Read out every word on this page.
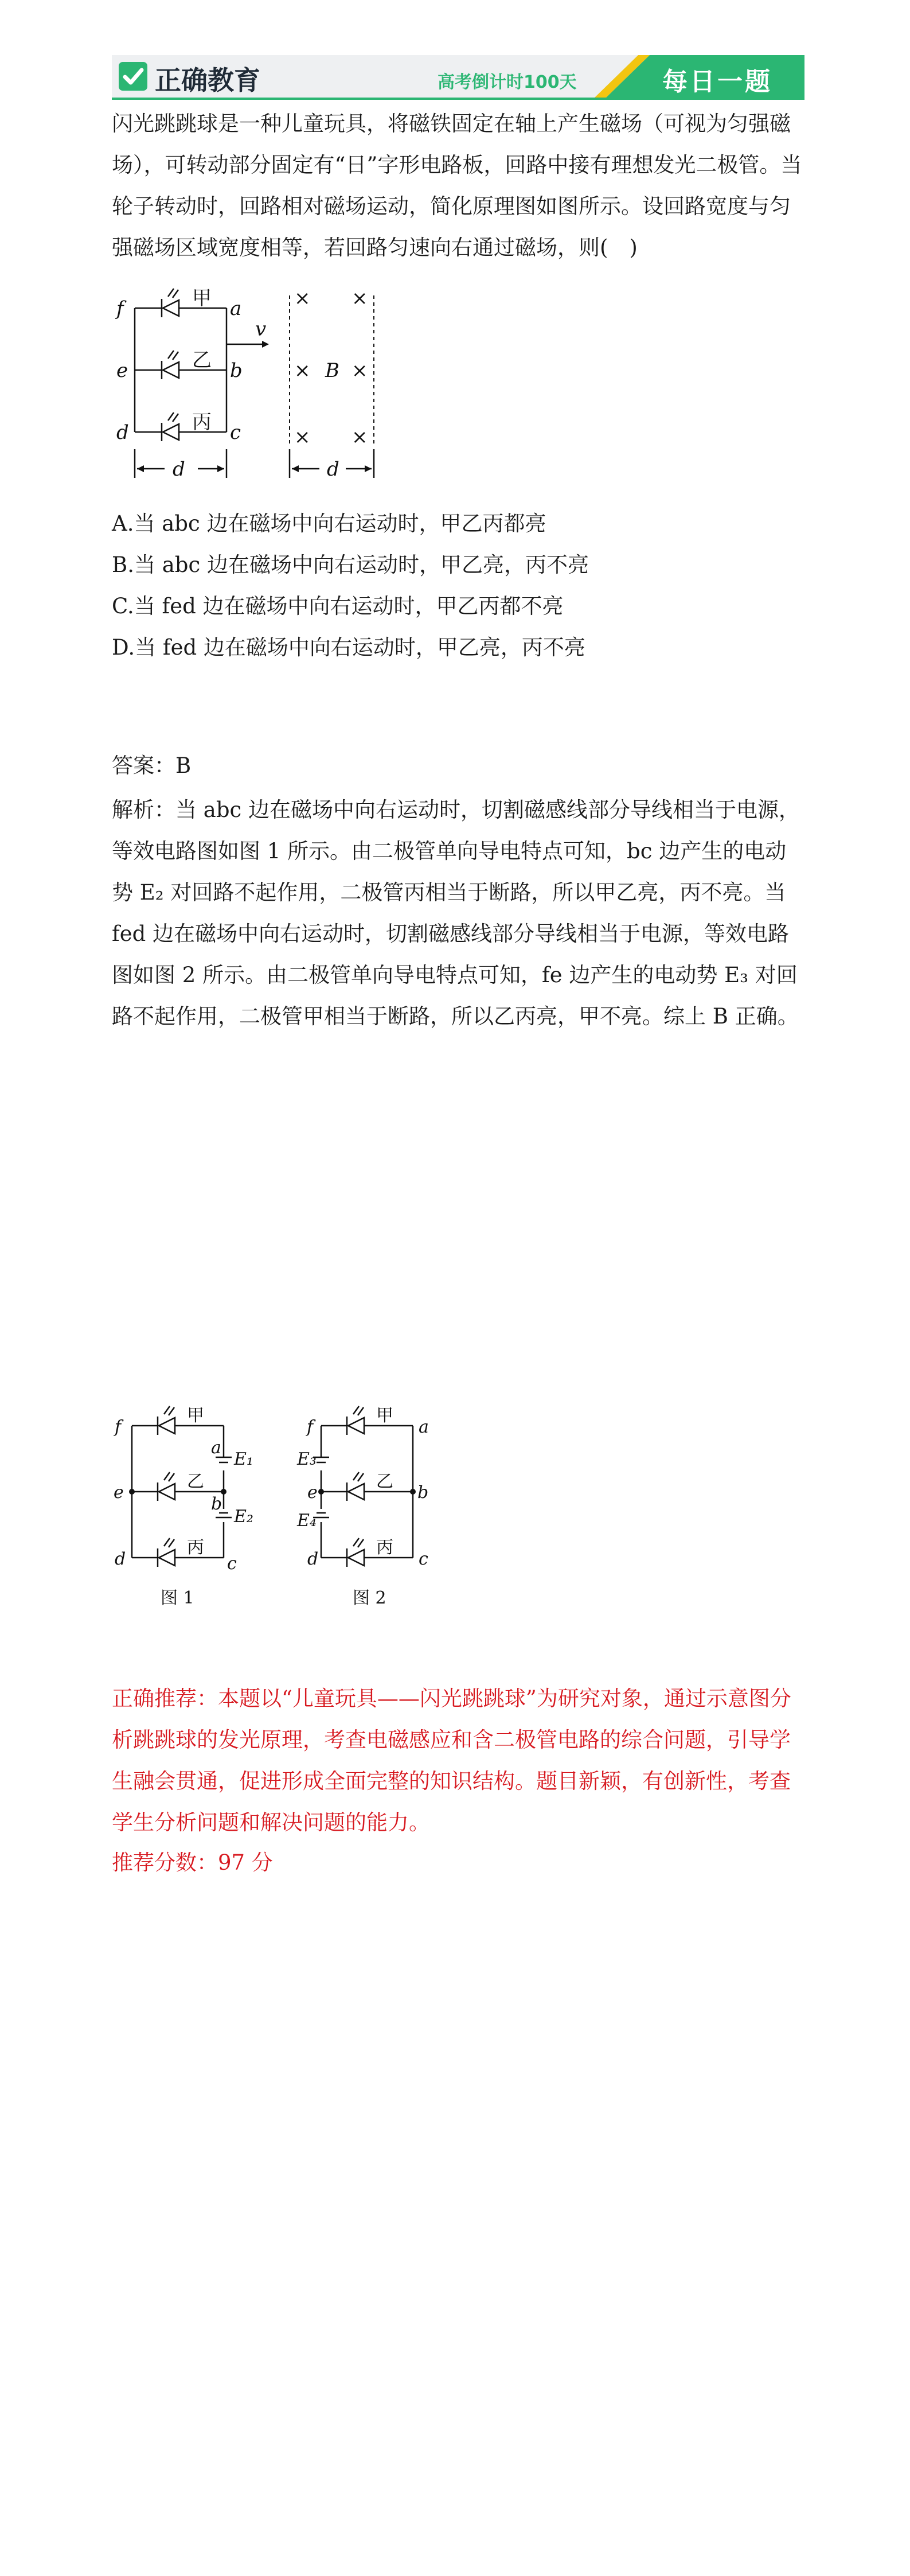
正确教育	高考倒计时100天	每日一题

闪光跳跳球是一种儿童玩具，将磁铁固定在轴上产生磁场（可视为匀强磁场），可转动部分固定有“日”字形电路板，回路中接有理想发光二极管。当轮子转动时，回路相对磁场运动，简化原理图如图所示。设回路宽度与匀强磁场区域宽度相等，若回路匀速向右通过磁场，则(　)

f
e
d
a
b
c
甲
乙
丙
v
B
d	d
× ×
× ×
× ×

A.当 abc 边在磁场中向右运动时，甲乙丙都亮

B.当 abc 边在磁场中向右运动时，甲乙亮，丙不亮

C.当 fed 边在磁场中向右运动时，甲乙丙都不亮

D.当 fed 边在磁场中向右运动时，甲乙亮，丙不亮

答案：B

解析：当 abc 边在磁场中向右运动时，切割磁感线部分导线相当于电源，等效电路图如图 1 所示。由二极管单向导电特点可知，bc 边产生的电动势 E₂ 对回路不起作用，二极管丙相当于断路，所以甲乙亮，丙不亮。当 fed 边在磁场中向右运动时，切割磁感线部分导线相当于电源，等效电路图如图 2 所示。由二极管单向导电特点可知，fe 边产生的电动势 E₃ 对回路不起作用，二极管甲相当于断路，所以乙丙亮，甲不亮。综上 B 正确。

f
e
d
a
b
c
甲
乙
丙
E₁
E₂
图 1
f
e
d
a
b
c
甲
乙
丙
E₃
E₄
图 2

正确推荐：本题以“儿童玩具——闪光跳跳球”为研究对象，通过示意图分析跳跳球的发光原理，考查电磁感应和含二极管电路的综合问题，引导学生融会贯通，促进形成全面完整的知识结构。题目新颖，有创新性，考查学生分析问题和解决问题的能力。

推荐分数：97 分
